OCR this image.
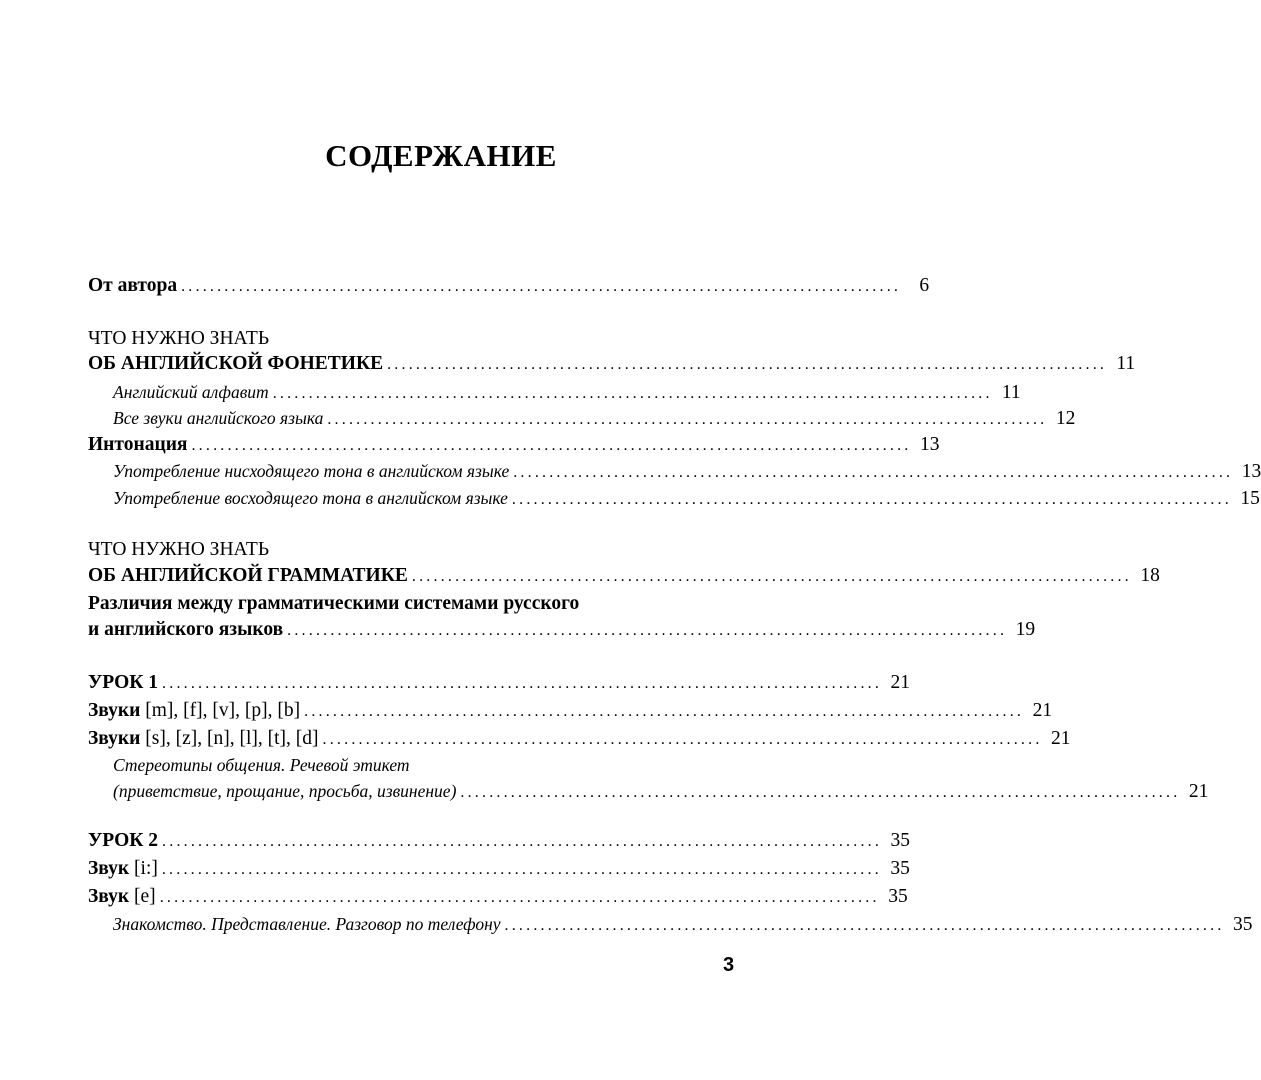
СОДЕРЖАНИЕ
От автора .................................................................................................... 6
ЧТО НУЖНО ЗНАТЬ
ОБ АНГЛИЙСКОЙ ФОНЕТИКЕ .................................................................................................... 11
Английский алфавит .................................................................................................... 11
Все звуки английского языка .................................................................................................... 12
Интонация .................................................................................................... 13
Употребление нисходящего тона в английском языке .................................................................................................... 13
Употребление восходящего тона в английском языке .................................................................................................... 15
ЧТО НУЖНО ЗНАТЬ
ОБ АНГЛИЙСКОЙ ГРАММАТИКЕ .................................................................................................... 18
Различия между грамматическими системами русского
и английского языков .................................................................................................... 19
УРОК 1 .................................................................................................... 21
Звуки [m], [f], [v], [p], [b] .................................................................................................... 21
Звуки [s], [z], [n], [l], [t], [d] .................................................................................................... 21
Стереотипы общения. Речевой этикет
(приветствие, прощание, просьба, извинение) .................................................................................................... 21
УРОК 2 .................................................................................................... 35
Звук [i:] .................................................................................................... 35
Звук [e] .................................................................................................... 35
Знакомство. Представление. Разговор по телефону .................................................................................................... 35
3
